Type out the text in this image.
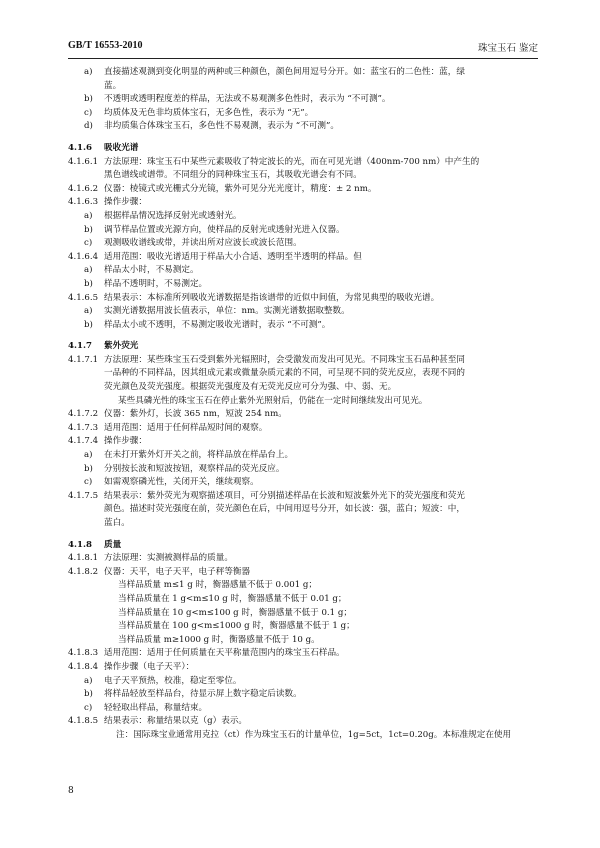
GB/T 16553-2010	珠宝玉石 鉴定
a) 直接描述观测到变化明显的两种或三种颜色，颜色间用逗号分开。如：蓝宝石的二色性：蓝，绿
蓝。
b) 不透明或透明程度差的样品，无法或不易观测多色性时，表示为 “不可测”。
c) 均质体及无色非均质体宝石，无多色性，表示为 “无”。
d) 非均质集合体珠宝玉石，多色性不易观测，表示为 “不可测”。
4.1.6 吸收光谱
4.1.6.1 方法原理：珠宝玉石中某些元素吸收了特定波长的光，而在可见光谱（400nm-700 nm）中产生的
黑色谱线或谱带。不同组分的同种珠宝玉石，其吸收光谱会有不同。
4.1.6.2 仪器：棱镜式或光栅式分光镜，紫外可见分光光度计，精度：± 2 nm。
4.1.6.3 操作步骤：
a) 根据样品情况选择反射光或透射光。
b) 调节样品位置或光源方向，使样品的反射光或透射光进入仪器。
c) 观测吸收谱线或带，并读出所对应波长或波长范围。
4.1.6.4 适用范围：吸收光谱适用于样品大小合适、透明至半透明的样品。但
a) 样品太小时，不易测定。
b) 样品不透明时，不易测定。
4.1.6.5 结果表示：本标准所列吸收光谱数据是指该谱带的近似中间值，为常见典型的吸收光谱。
a) 实测光谱数据用波长值表示，单位：nm。实测光谱数据取整数。
b) 样品太小或不透明，不易测定吸收光谱时，表示 “不可测”。
4.1.7 紫外荧光
4.1.7.1 方法原理：某些珠宝玉石受到紫外光辐照时，会受激发而发出可见光。不同珠宝玉石品种甚至同
一品种的不同样品，因其组成元素或微量杂质元素的不同，可呈现不同的荧光反应，表现不同的
荧光颜色及荧光强度。根据荧光强度及有无荧光反应可分为强、中、弱、无。
某些具磷光性的珠宝玉石在停止紫外光照射后，仍能在一定时间继续发出可见光。
4.1.7.2 仪器：紫外灯，长波 365 nm，短波 254 nm。
4.1.7.3 适用范围：适用于任何样品短时间的观察。
4.1.7.4 操作步骤：
a) 在未打开紫外灯开关之前，将样品放在样品台上。
b) 分别按长波和短波按钮，观察样品的荧光反应。
c) 如需观察磷光性，关闭开关，继续观察。
4.1.7.5 结果表示：紫外荧光为观察描述项目，可分别描述样品在长波和短波紫外光下的荧光强度和荧光
颜色。描述时荧光强度在前，荧光颜色在后，中间用逗号分开，如长波：强，蓝白；短波：中，
蓝白。
4.1.8 质量
4.1.8.1 方法原理：实测被测样品的质量。
4.1.8.2 仪器：天平，电子天平，电子秤等衡器
当样品质量 m≤1 g 时，衡器感量不低于 0.001 g；
当样品质量在 1 g<m≤10 g 时，衡器感量不低于 0.01 g；
当样品质量在 10 g<m≤100 g 时，衡器感量不低于 0.1 g；
当样品质量在 100 g<m≤1000 g 时，衡器感量不低于 1 g；
当样品质量 m≥1000 g 时，衡器感量不低于 10 g。
4.1.8.3 适用范围：适用于任何质量在天平称量范围内的珠宝玉石样品。
4.1.8.4 操作步骤（电子天平）：
a) 电子天平预热，校准，稳定至零位。
b) 将样品轻放至样品台，待显示屏上数字稳定后读数。
c) 轻轻取出样品，称量结束。
4.1.8.5 结果表示：称量结果以克（g）表示。
注：国际珠宝业通常用克拉（ct）作为珠宝玉石的计量单位，1g=5ct，1ct=0.20g。本标准规定在使用
8
